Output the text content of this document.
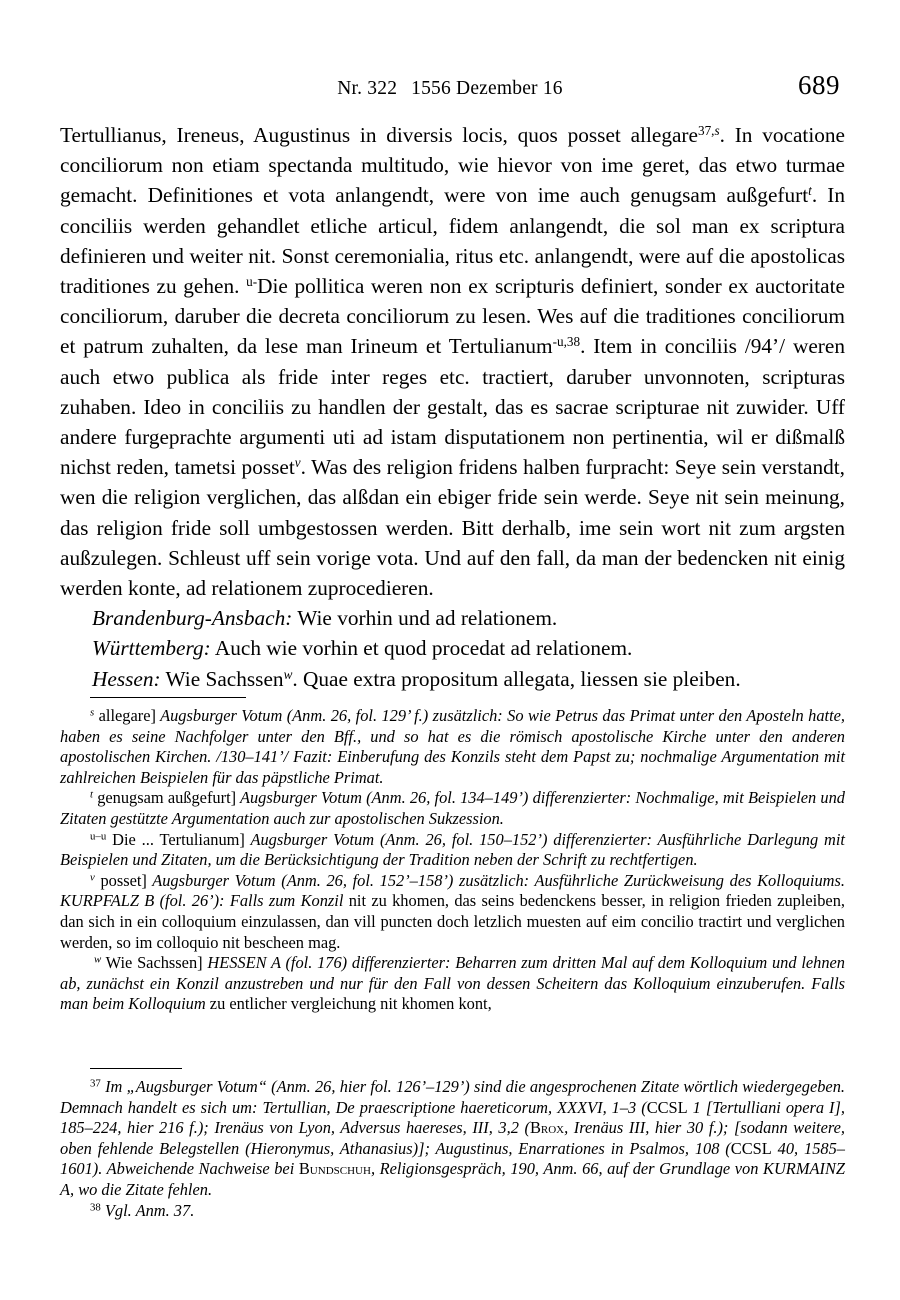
Nr. 322 1556 Dezember 16	689

Tertullianus, Ireneus, Augustinus in diversis locis, quos posset allegare$^{37,s}$. In vocatione conciliorum non etiam spectanda multitudo, wie hievor von ime geret, das etwo turmae gemacht. Definitiones et vota anlangendt, were von ime auch genugsam außgefurt$^t$. In conciliis werden gehandlet etliche articul, fidem anlangendt, die sol man ex scriptura definieren und weiter nit. Sonst ceremonialia, ritus etc. anlangendt, were auf die apostolicas traditiones zu gehen. $^{u-}$Die pollitica weren non ex scripturis definiert, sonder ex auctoritate conciliorum, daruber die decreta conciliorum zu lesen. Wes auf die traditiones conciliorum et patrum zuhalten, da lese man Irineum et Tertulianum$^{-u,38}$. Item in conciliis /94’/ weren auch etwo publica als fride inter reges etc. tractiert, daruber unvonnoten, scripturas zuhaben. Ideo in conciliis zu handlen der gestalt, das es sacrae scripturae nit zuwider. Uff andere furgeprachte argumenti uti ad istam disputationem non pertinentia, wil er dißmalß nichst reden, tametsi posset$^v$. Was des religion fridens halben furpracht: Seye sein verstandt, wen die religion verglichen, das alßdan ein ebiger fride sein werde. Seye nit sein meinung, das religion fride soll umbgestossen werden. Bitt derhalb, ime sein wort nit zum argsten außzulegen. Schleust uff sein vorige vota. Und auf den fall, da man der bedencken nit einig werden konte, ad relationem zuprocedieren.

Brandenburg-Ansbach: Wie vorhin und ad relationem.

Württemberg: Auch wie vorhin et quod procedat ad relationem.

Hessen: Wie Sachssen$^w$. Quae extra propositum allegata, liessen sie pleiben.

$^s$ allegare] Augsburger Votum (Anm. 26, fol. 129’ f.) zusätzlich: So wie Petrus das Primat unter den Aposteln hatte, haben es seine Nachfolger unter den Bff., und so hat es die römisch apostolische Kirche unter den anderen apostolischen Kirchen. /130–141’/ Fazit: Einberufung des Konzils steht dem Papst zu; nochmalige Argumentation mit zahlreichen Beispielen für das päpstliche Primat.

$^t$ genugsam außgefurt] Augsburger Votum (Anm. 26, fol. 134–149’) differenzierter: Nochmalige, mit Beispielen und Zitaten gestützte Argumentation auch zur apostolischen Sukzession.

$^{u-u}$ Die ... Tertulianum] Augsburger Votum (Anm. 26, fol. 150–152’) differenzierter: Ausführliche Darlegung mit Beispielen und Zitaten, um die Berücksichtigung der Tradition neben der Schrift zu rechtfertigen.

$^v$ posset] Augsburger Votum (Anm. 26, fol. 152’–158’) zusätzlich: Ausführliche Zurückweisung des Kolloquiums. KURPFALZ B (fol. 26’): Falls zum Konzil nit zu khomen, das seins bedenckens besser, in religion frieden zupleiben, dan sich in ein colloquium einzulassen, dan vill puncten doch letzlich muesten auf eim concilio tractirt und verglichen werden, so im colloquio nit bescheen mag.

$^w$ Wie Sachssen] HESSEN A (fol. 176) differenzierter: Beharren zum dritten Mal auf dem Kolloquium und lehnen ab, zunächst ein Konzil anzustreben und nur für den Fall von dessen Scheitern das Kolloquium einzuberufen. Falls man beim Kolloquium zu entlicher vergleichung nit khomen kont,

$^{37}$ Im „Augsburger Votum“ (Anm. 26, hier fol. 126’–129’) sind die angesprochenen Zitate wörtlich wiedergegeben. Demnach handelt es sich um: Tertullian, De praescriptione haereticorum, XXXVI, 1–3 (CCSL 1 [Tertulliani opera I], 185–224, hier 216 f.); Irenäus von Lyon, Adversus haereses, III, 3,2 (Brox, Irenäus III, hier 30 f.); [sodann weitere, oben fehlende Belegstellen (Hieronymus, Athanasius)]; Augustinus, Enarrationes in Psalmos, 108 (CCSL 40, 1585–1601). Abweichende Nachweise bei Bundschuh, Religionsgespräch, 190, Anm. 66, auf der Grundlage von KURMAINZ A, wo die Zitate fehlen.

$^{38}$ Vgl. Anm. 37.
